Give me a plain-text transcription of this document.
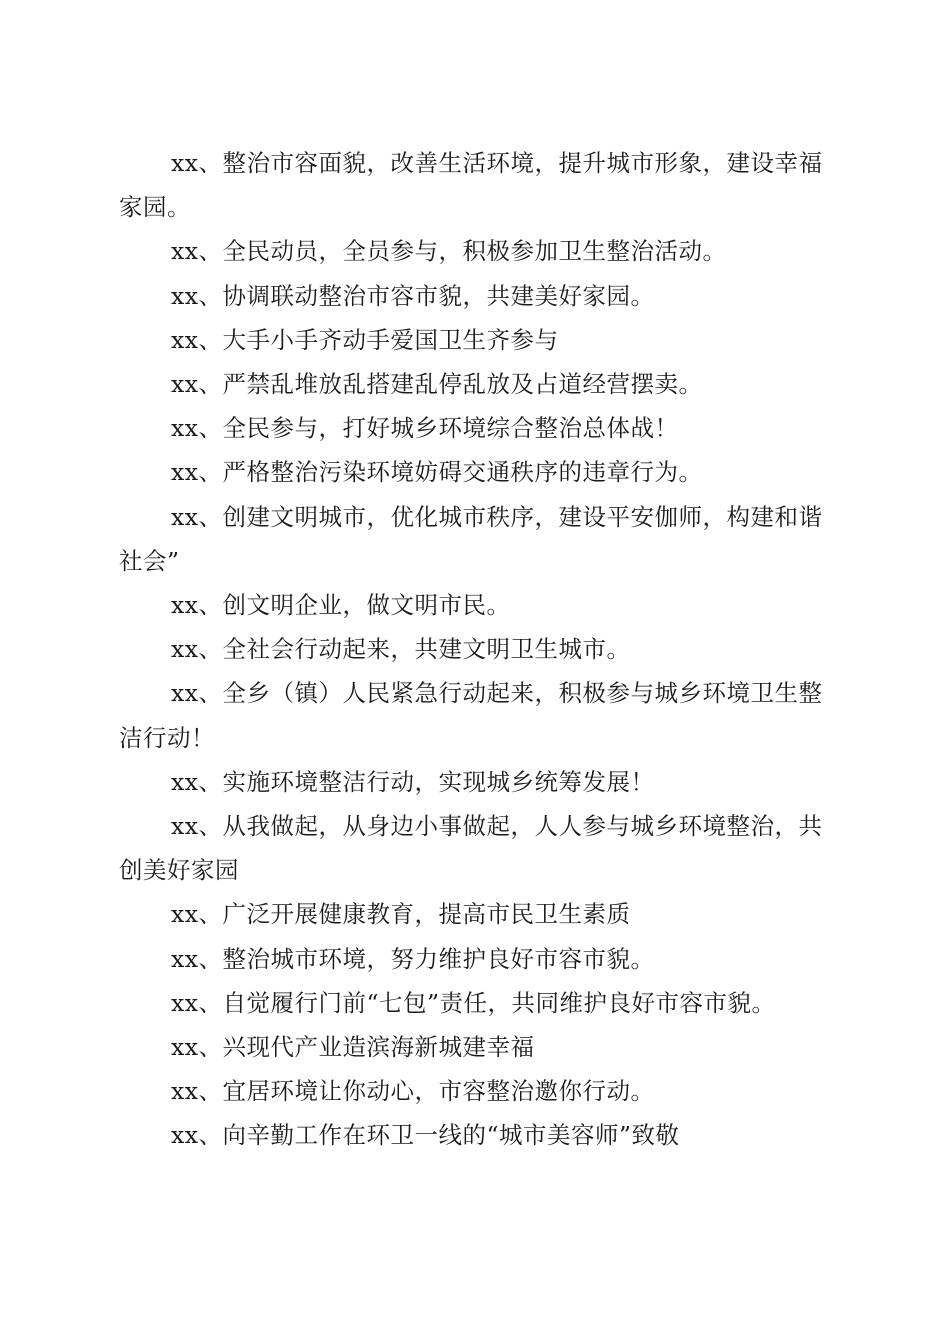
xx、整治市容面貌，改善生活环境，提升城市形象，建设幸福家园。

xx、全民动员，全员参与，积极参加卫生整治活动。

xx、协调联动整治市容市貌，共建美好家园。

xx、大手小手齐动手爱国卫生齐参与

xx、严禁乱堆放乱搭建乱停乱放及占道经营摆卖。

xx、全民参与，打好城乡环境综合整治总体战！

xx、严格整治污染环境妨碍交通秩序的违章行为。

xx、创建文明城市，优化城市秩序，建设平安伽师，构建和谐社会”

xx、创文明企业，做文明市民。

xx、全社会行动起来，共建文明卫生城市。

xx、全乡（镇）人民紧急行动起来，积极参与城乡环境卫生整洁行动！

xx、实施环境整洁行动，实现城乡统筹发展！

xx、从我做起，从身边小事做起，人人参与城乡环境整治，共创美好家园

xx、广泛开展健康教育，提高市民卫生素质

xx、整治城市环境，努力维护良好市容市貌。

xx、自觉履行门前“七包”责任，共同维护良好市容市貌。

xx、兴现代产业造滨海新城建幸福

xx、宜居环境让你动心，市容整治邀你行动。

xx、向辛勤工作在环卫一线的“城市美容师”致敬
